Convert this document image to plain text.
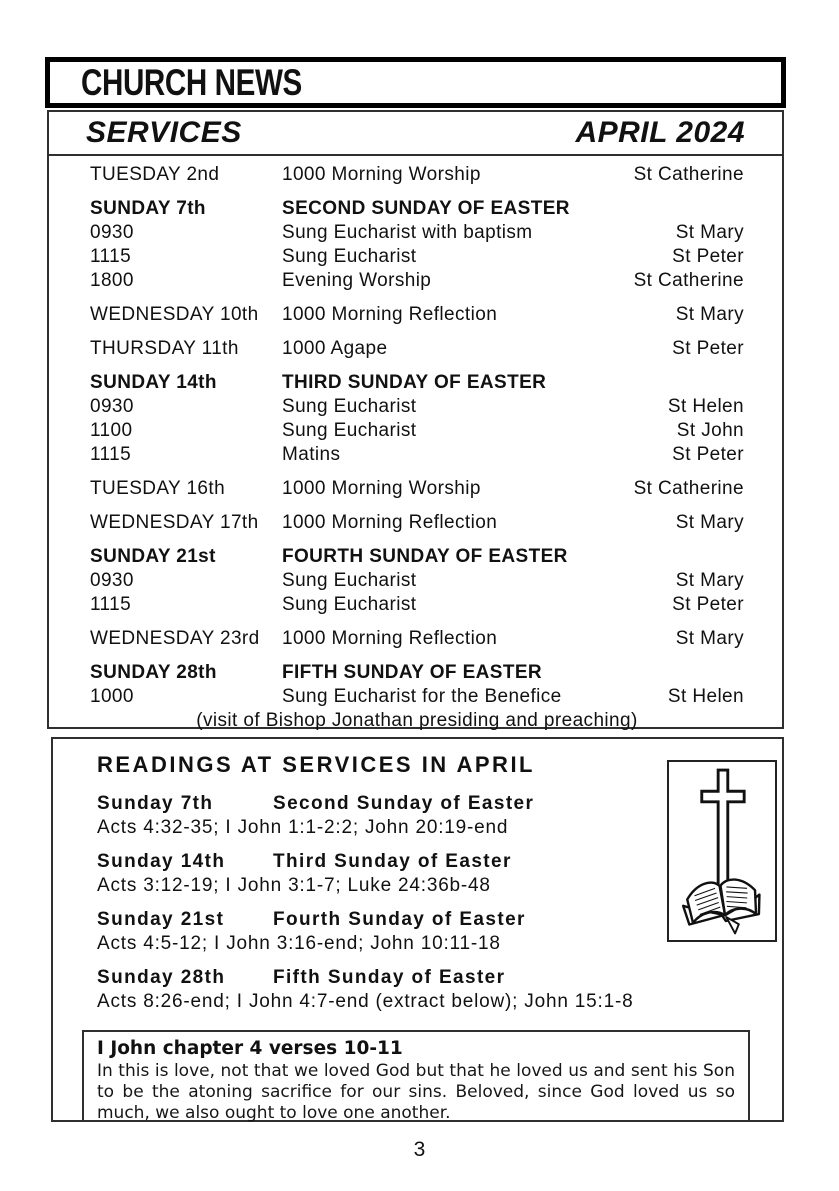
CHURCH NEWS
SERVICES	APRIL 2024
TUESDAY 2nd	1000 Morning Worship	St Catherine
SUNDAY 7th	SECOND SUNDAY OF EASTER
0930	Sung Eucharist with baptism	St Mary
1115	Sung Eucharist	St Peter
1800	Evening Worship	St Catherine
WEDNESDAY 10th	1000 Morning Reflection	St Mary
THURSDAY 11th	1000 Agape	St Peter
SUNDAY 14th	THIRD SUNDAY OF EASTER
0930	Sung Eucharist	St Helen
1100	Sung Eucharist	St John
1115	Matins	St Peter
TUESDAY 16th	1000 Morning Worship	St Catherine
WEDNESDAY 17th	1000 Morning Reflection	St Mary
SUNDAY 21st	FOURTH SUNDAY OF EASTER
0930	Sung Eucharist	St Mary
1115	Sung Eucharist	St Peter
WEDNESDAY 23rd	1000 Morning Reflection	St Mary
SUNDAY 28th	FIFTH SUNDAY OF EASTER
1000	Sung Eucharist for the Benefice	St Helen
(visit of Bishop Jonathan presiding and preaching)
READINGS AT SERVICES IN APRIL
Sunday 7th	Second Sunday of Easter
Acts 4:32-35; I John 1:1-2:2; John 20:19-end
Sunday 14th	Third Sunday of Easter
Acts 3:12-19; I John 3:1-7; Luke 24:36b-48
Sunday 21st	Fourth Sunday of Easter
Acts 4:5-12; I John 3:16-end; John 10:11-18
Sunday 28th	Fifth Sunday of Easter
Acts 8:26-end; I John 4:7-end (extract below); John 15:1-8
I John chapter 4 verses 10-11
In this is love, not that we loved God but that he loved us and sent his Son to be the atoning sacrifice for our sins. Beloved, since God loved us so much, we also ought to love one another.
3
